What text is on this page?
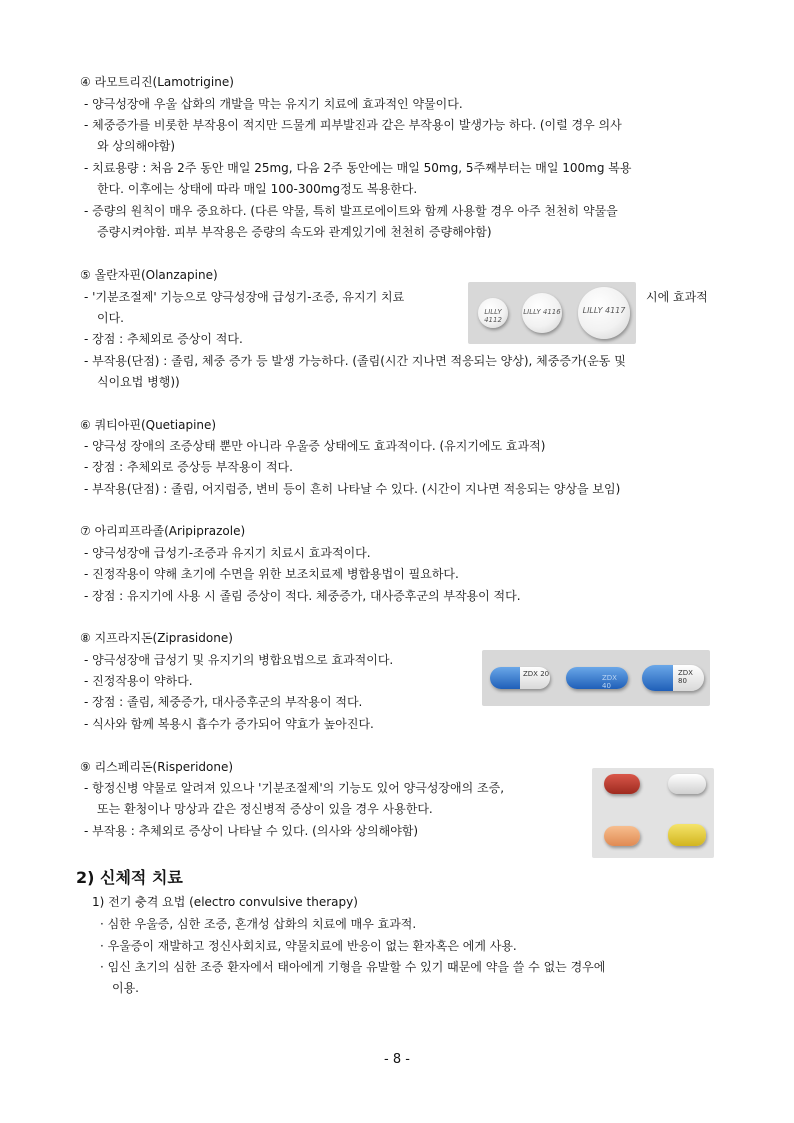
④ 라모트리진(Lamotrigine)
- 양극성장애 우울 삽화의 개발을 막는 유지기 치료에 효과적인 약물이다.
- 체중증가를 비롯한 부작용이 적지만 드물게 피부발진과 같은 부작용이 발생가능 하다. (이럴 경우 의사
와 상의해야함)
- 치료용량 : 처음 2주 동안 매일 25mg, 다음 2주 동안에는 매일 50mg, 5주째부터는 매일 100mg 복용
한다. 이후에는 상태에 따라 매일 100-300mg정도 복용한다.
- 증량의 원칙이 매우 중요하다. (다른 약물, 특히 발프로에이트와 함께 사용할 경우 아주 천천히 약물을
증량시켜야함. 피부 부작용은 증량의 속도와 관계있기에 천천히 증량해야함)
⑤ 올란자핀(Olanzapine)
- '기분조절제' 기능으로 양극성장애 급성기-조증, 유지기 치료	시에 효과적
이다.
- 장점 : 추체외로 증상이 적다.
- 부작용(단점) : 졸림, 체중 증가 등 발생 가능하다. (졸림(시간 지나면 적응되는 양상), 체중증가(운동 및
식이요법 병행))
LILLY 4112
LILLY 4116	LILLY 4117
⑥ 쿼티아핀(Quetiapine)
- 양극성 장애의 조증상태 뿐만 아니라 우울증 상태에도 효과적이다. (유지기에도 효과적)
- 장점 : 추체외로 증상등 부작용이 적다.
- 부작용(단점) : 졸림, 어지럼증, 변비 등이 흔히 나타날 수 있다. (시간이 지나면 적응되는 양상을 보임)
⑦ 아리피프라졸(Aripiprazole)
- 양극성장애 급성기-조증과 유지기 치료시 효과적이다.
- 진정작용이 약해 초기에 수면을 위한 보조치료제 병합용법이 필요하다.
- 장점 : 유지기에 사용 시 졸림 증상이 적다. 체중증가, 대사증후군의 부작용이 적다.
⑧ 지프라지돈(Ziprasidone)
- 양극성장애 급성기 및 유지기의 병합요법으로 효과적이다.
- 진정작용이 약하다.
- 장점 : 졸림, 체중증가, 대사증후군의 부작용이 적다.
- 식사와 함께 복용시 흡수가 증가되어 약효가 높아진다.
ZDX 20	ZDX 40
ZDX 80
⑨ 리스페리돈(Risperidone)
- 항정신병 약물로 알려져 있으나 '기분조절제'의 기능도 있어 양극성장애의 조증,
또는 환청이나 망상과 같은 정신병적 증상이 있을 경우 사용한다.
- 부작용 : 추체외로 증상이 나타날 수 있다. (의사와 상의해야함)
2) 신체적 치료
1) 전기 충격 요법 (electro convulsive therapy)
· 심한 우울증, 심한 조증, 혼개성 삽화의 치료에 매우 효과적.
· 우울증이 재발하고 정신사회치료, 약물치료에 반응이 없는 환자혹은 에게 사용.
· 임신 초기의 심한 조증 환자에서 태아에게 기형을 유발할 수 있기 때문에 약을 쓸 수 없는 경우에
이용.
- 8 -
